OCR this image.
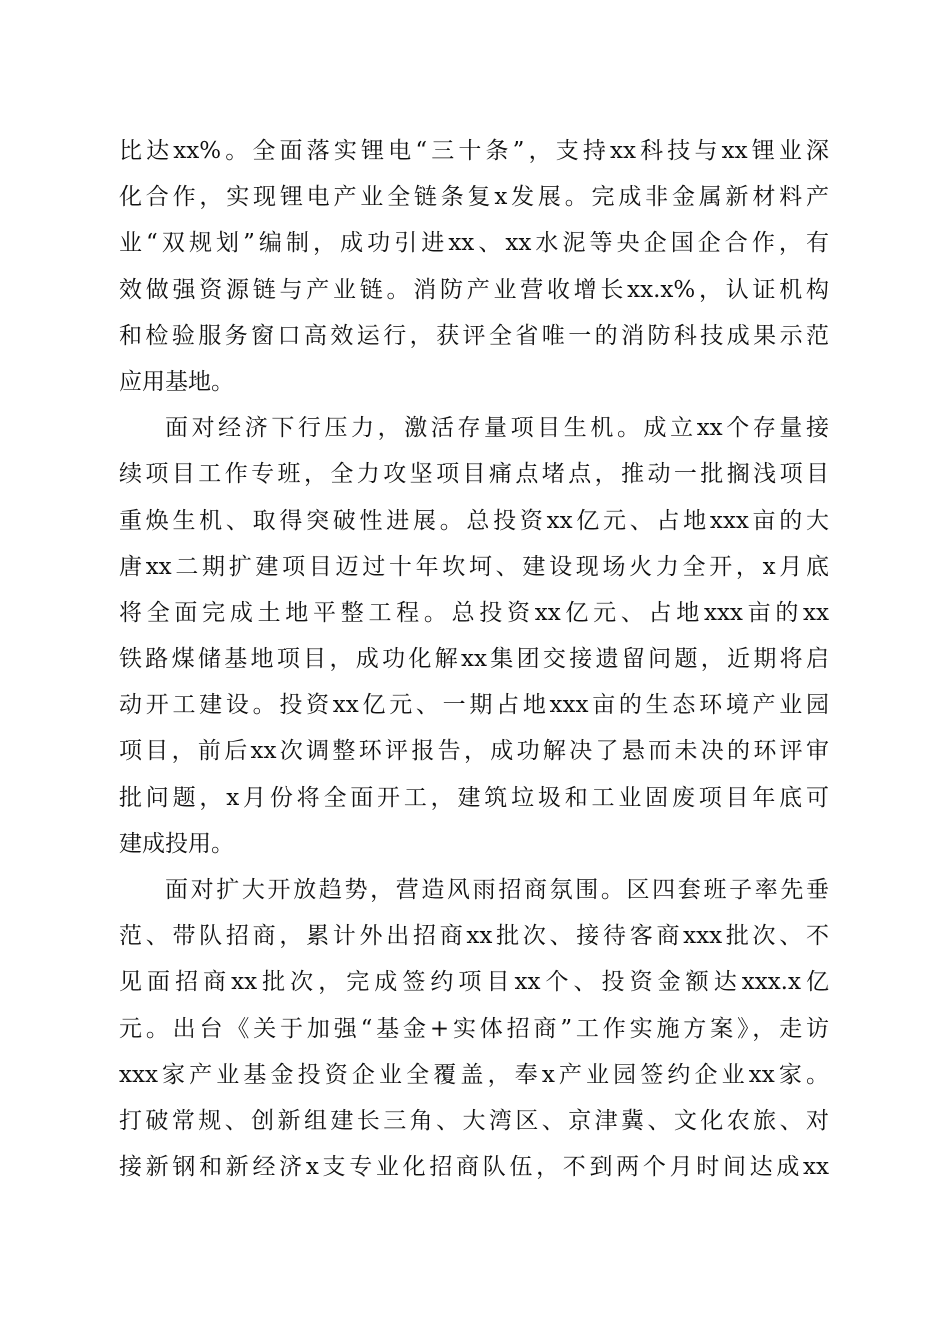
比达xx%。全面落实锂电“三十条”，支持xx科技与xx锂业深
化合作，实现锂电产业全链条复x发展。完成非金属新材料产
业“双规划”编制，成功引进xx、xx水泥等央企国企合作，有
效做强资源链与产业链。消防产业营收增长xx.x%，认证机构
和检验服务窗口高效运行，获评全省唯一的消防科技成果示范
应用基地。
面对经济下行压力，激活存量项目生机。成立xx个存量接
续项目工作专班，全力攻坚项目痛点堵点，推动一批搁浅项目
重焕生机、取得突破性进展。总投资xx亿元、占地xxx亩的大
唐xx二期扩建项目迈过十年坎坷、建设现场火力全开，x月底
将全面完成土地平整工程。总投资xx亿元、占地xxx亩的xx
铁路煤储基地项目，成功化解xx集团交接遗留问题，近期将启
动开工建设。投资xx亿元、一期占地xxx亩的生态环境产业园
项目，前后xx次调整环评报告，成功解决了悬而未决的环评审
批问题，x月份将全面开工，建筑垃圾和工业固废项目年底可
建成投用。
面对扩大开放趋势，营造风雨招商氛围。区四套班子率先垂
范、带队招商，累计外出招商xx批次、接待客商xxx批次、不
见面招商xx批次，完成签约项目xx个、投资金额达xxx.x亿
元。出台《关于加强“基金+实体招商”工作实施方案》，走访
xxx家产业基金投资企业全覆盖，奉x产业园签约企业xx家。
打破常规、创新组建长三角、大湾区、京津冀、文化农旅、对
接新钢和新经济x支专业化招商队伍，不到两个月时间达成xx
